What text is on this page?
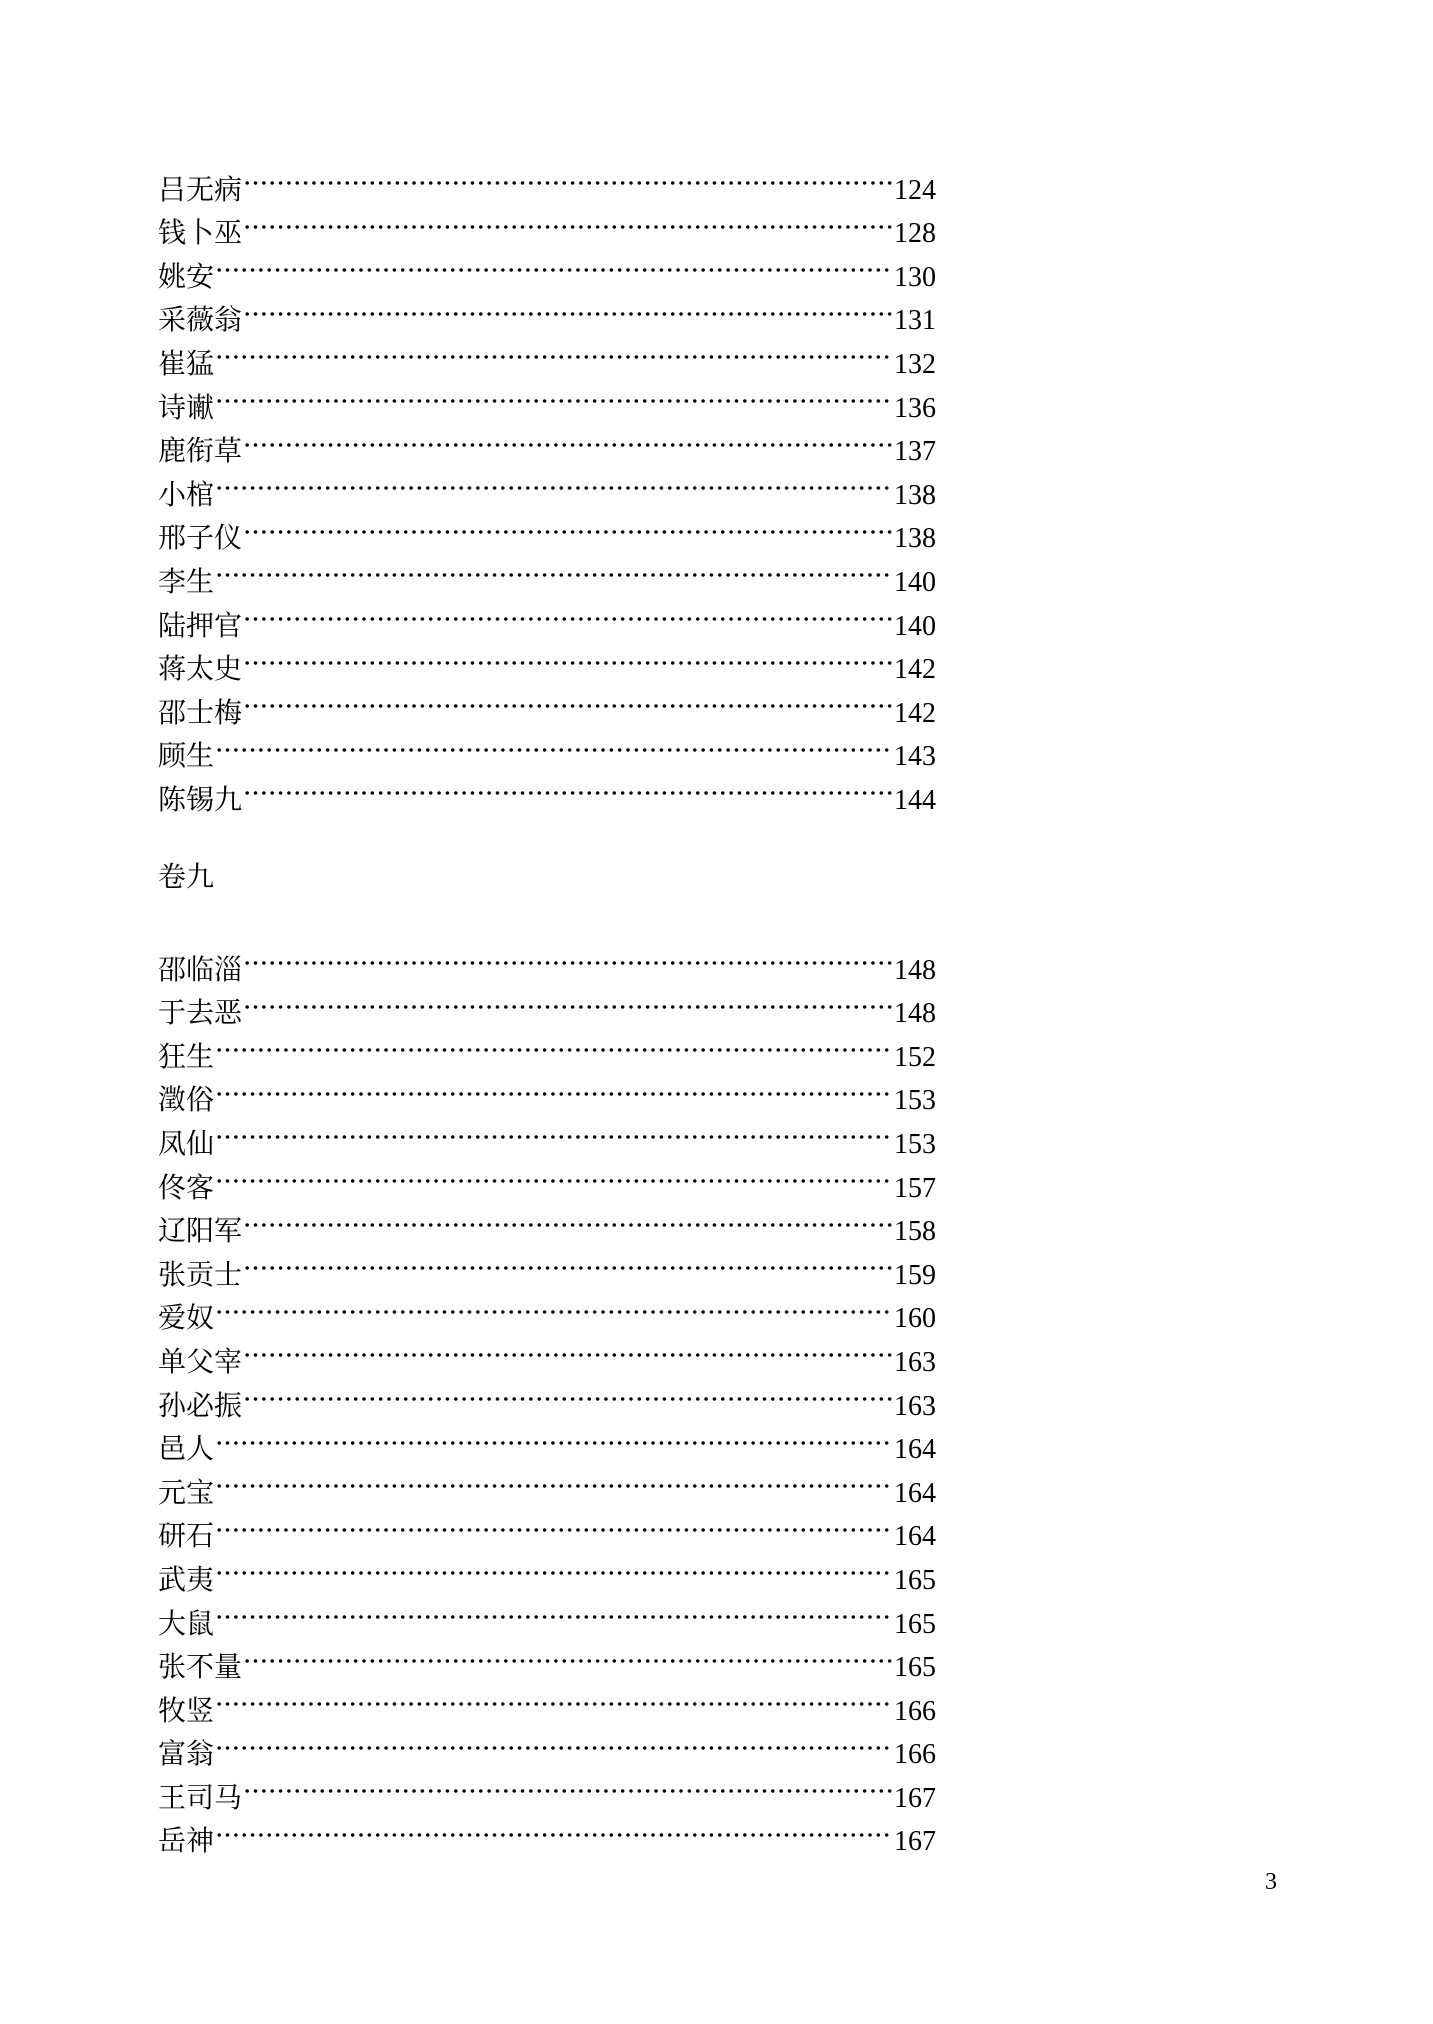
吕无病	124
钱卜巫	128
姚安	130
采薇翁	131
崔猛	132
诗谳	136
鹿衔草	137
小棺	138
邢子仪	138
李生	140
陆押官	140
蒋太史	142
邵士梅	142
顾生	143
陈锡九	144
卷九
邵临淄	148
于去恶	148
狂生	152
澂俗	153
凤仙	153
佟客	157
辽阳军	158
张贡士	159
爱奴	160
单父宰	163
孙必振	163
邑人	164
元宝	164
研石	164
武夷	165
大鼠	165
张不量	165
牧竖	166
富翁	166
王司马	167
岳神	167
3
